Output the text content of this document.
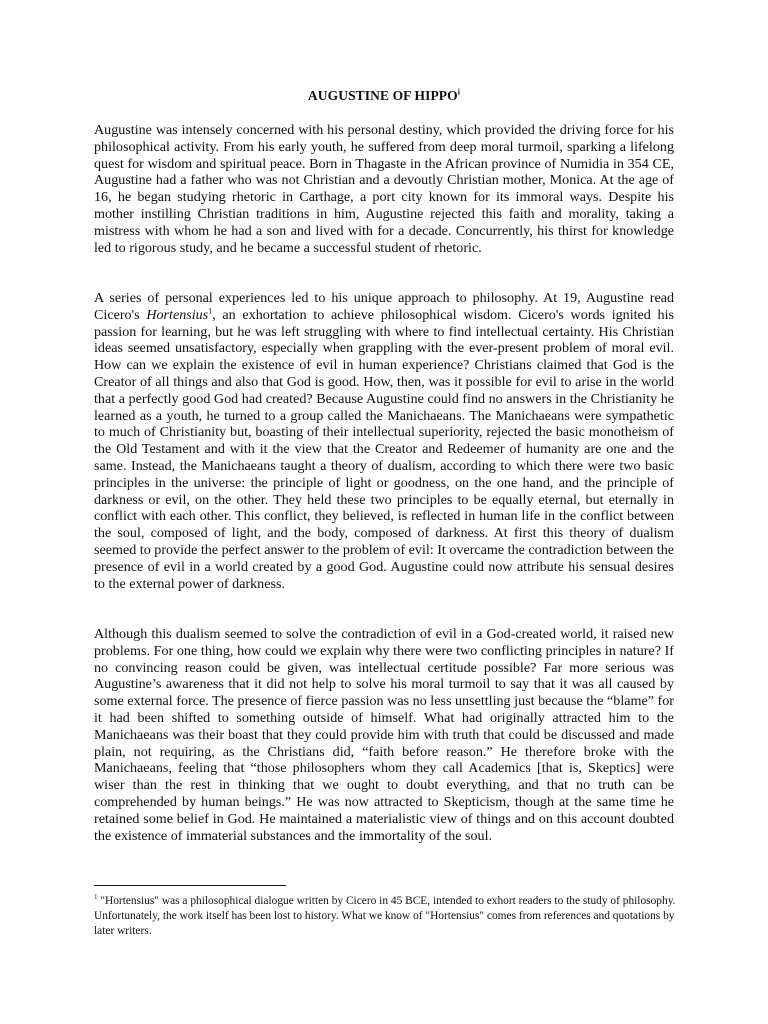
AUGUSTINE OF HIPPO$^i$

Augustine was intensely concerned with his personal destiny, which provided the driving force for his philosophical activity. From his early youth, he suffered from deep moral turmoil, sparking a lifelong quest for wisdom and spiritual peace. Born in Thagaste in the African province of Numidia in 354 CE, Augustine had a father who was not Christian and a devoutly Christian mother, Monica. At the age of 16, he began studying rhetoric in Carthage, a port city known for its immoral ways. Despite his mother instilling Christian traditions in him, Augustine rejected this faith and morality, taking a mistress with whom he had a son and lived with for a decade. Concurrently, his thirst for knowledge led to rigorous study, and he became a successful student of rhetoric.

A series of personal experiences led to his unique approach to philosophy. At 19, Augustine read Cicero's Hortensius$^1$, an exhortation to achieve philosophical wisdom. Cicero's words ignited his passion for learning, but he was left struggling with where to find intellectual certainty. His Christian ideas seemed unsatisfactory, especially when grappling with the ever-present problem of moral evil. How can we explain the existence of evil in human experience? Christians claimed that God is the Creator of all things and also that God is good. How, then, was it possible for evil to arise in the world that a perfectly good God had created? Because Augustine could find no answers in the Christianity he learned as a youth, he turned to a group called the Manichaeans. The Manichaeans were sympathetic to much of Christianity but, boasting of their intellectual superiority, rejected the basic monotheism of the Old Testament and with it the view that the Creator and Redeemer of humanity are one and the same. Instead, the Manichaeans taught a theory of dualism, according to which there were two basic principles in the universe: the principle of light or goodness, on the one hand, and the principle of darkness or evil, on the other. They held these two principles to be equally eternal, but eternally in conflict with each other. This conflict, they believed, is reflected in human life in the conflict between the soul, composed of light, and the body, composed of darkness. At first this theory of dualism seemed to provide the perfect answer to the problem of evil: It overcame the contradiction between the presence of evil in a world created by a good God. Augustine could now attribute his sensual desires to the external power of darkness.

Although this dualism seemed to solve the contradiction of evil in a God-created world, it raised new problems. For one thing, how could we explain why there were two conflicting principles in nature? If no convincing reason could be given, was intellectual certitude possible? Far more serious was Augustine’s awareness that it did not help to solve his moral turmoil to say that it was all caused by some external force. The presence of fierce passion was no less unsettling just because the “blame” for it had been shifted to something outside of himself. What had originally attracted him to the Manichaeans was their boast that they could provide him with truth that could be discussed and made plain, not requiring, as the Christians did, “faith before reason.” He therefore broke with the Manichaeans, feeling that “those philosophers whom they call Academics [that is, Skeptics] were wiser than the rest in thinking that we ought to doubt everything, and that no truth can be comprehended by human beings.” He was now attracted to Skepticism, though at the same time he retained some belief in God. He maintained a materialistic view of things and on this account doubted the existence of immaterial substances and the immortality of the soul.

$^1$ "Hortensius" was a philosophical dialogue written by Cicero in 45 BCE, intended to exhort readers to the study of philosophy. Unfortunately, the work itself has been lost to history. What we know of "Hortensius" comes from references and quotations by later writers.
